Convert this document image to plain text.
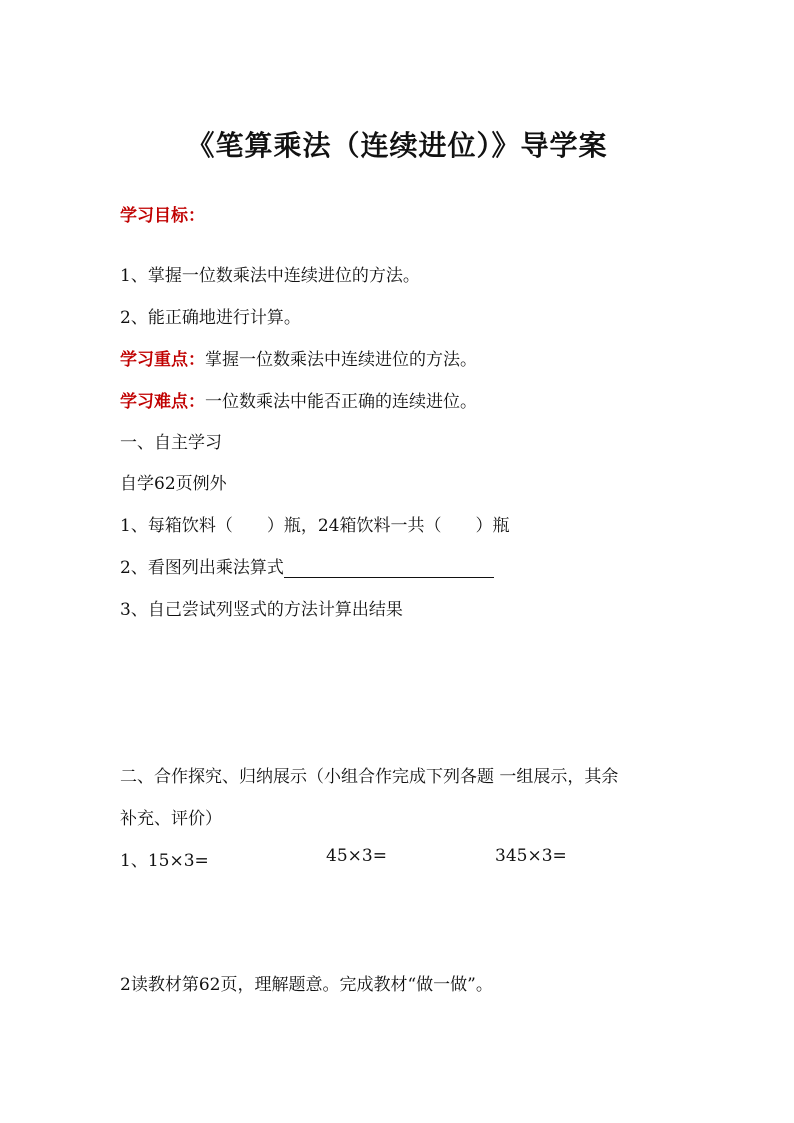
《笔算乘法（连续进位）》导学案
学习目标：
1、掌握一位数乘法中连续进位的方法。
2、能正确地进行计算。
学习重点：掌握一位数乘法中连续进位的方法。
学习难点：一位数乘法中能否正确的连续进位。
一、自主学习
自学62页例外
1、每箱饮料（　　）瓶，24箱饮料一共（　　）瓶
2、看图列出乘法算式
3、自己尝试列竖式的方法计算出结果
二、合作探究、归纳展示（小组合作完成下列各题 一组展示，其余
补充、评价）
1、15×3=	45×3=	345×3=
2读教材第62页，理解题意。完成教材“做一做”。
